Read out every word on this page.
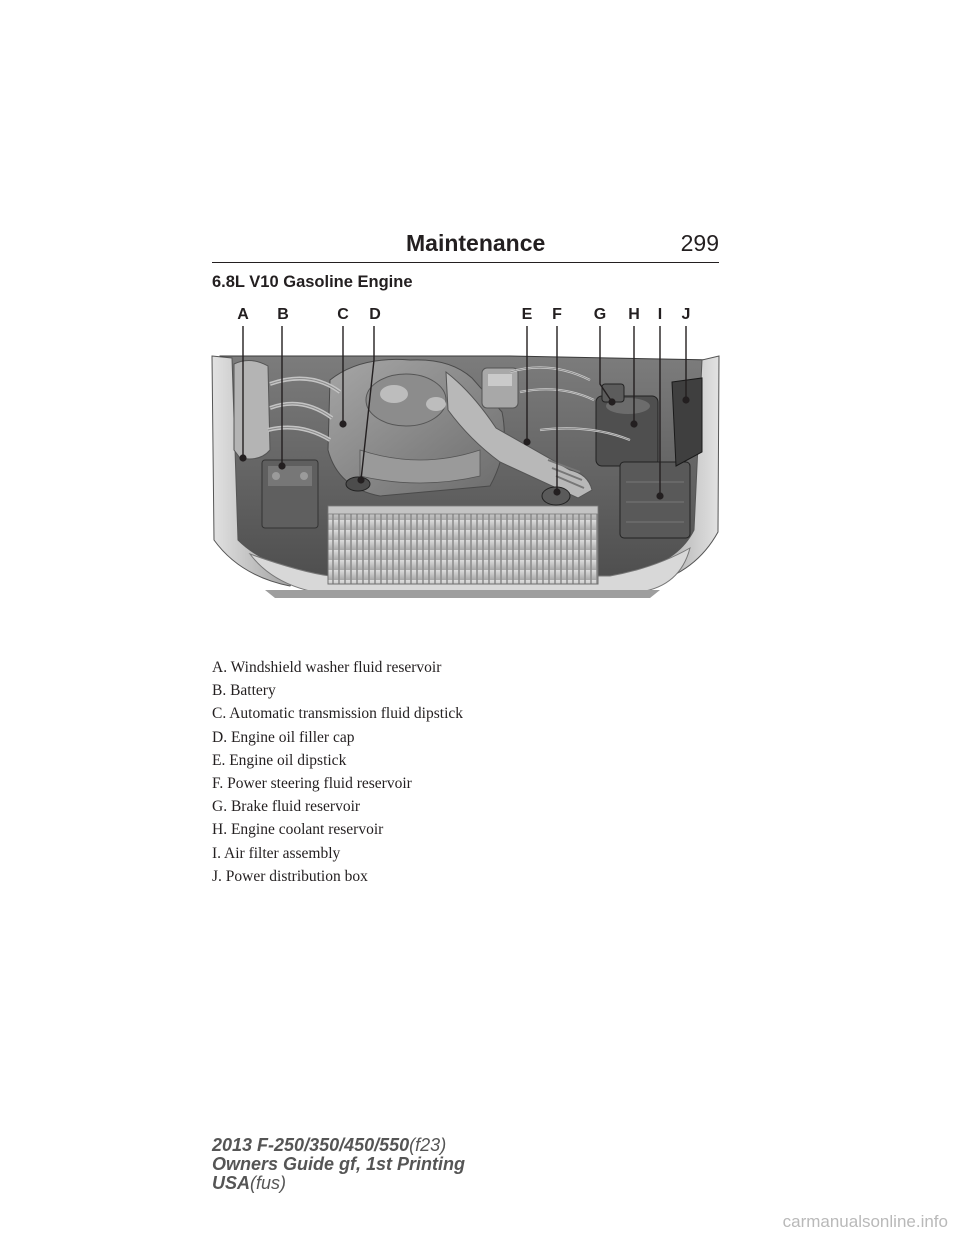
Maintenance	299
6.8L V10 Gasoline Engine
A B	C D	E F G H I J
A. Windshield washer fluid reservoir
B. Battery
C. Automatic transmission fluid dipstick
D. Engine oil filler cap
E. Engine oil dipstick
F. Power steering fluid reservoir
G. Brake fluid reservoir
H. Engine coolant reservoir
I. Air filter assembly
J. Power distribution box
2013 F-250/350/450/550(f23)
Owners Guide gf, 1st Printing
USA(fus)
carmanualsonline.info
